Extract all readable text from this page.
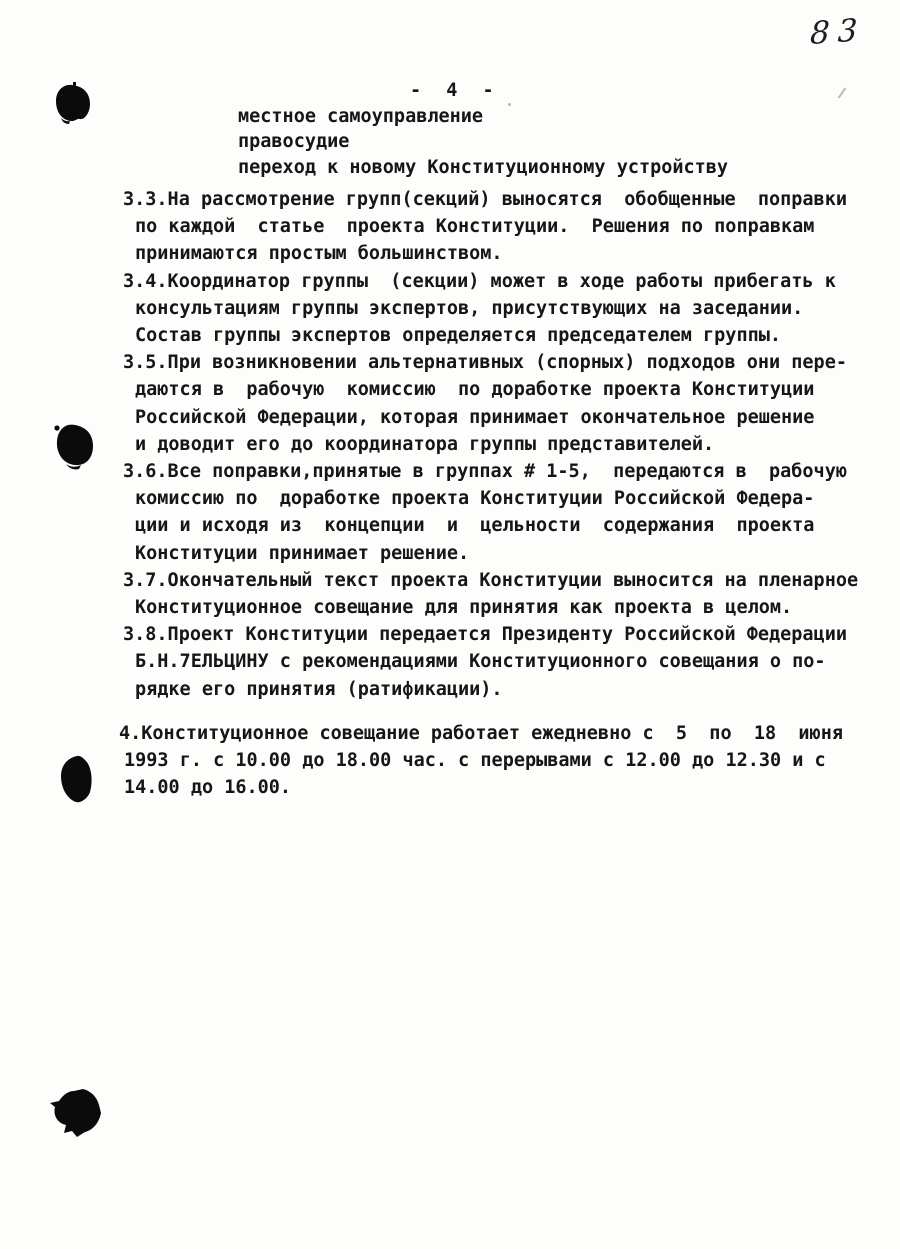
83
- 4 -
местное самоуправление
правосудие
переход к новому Конституционному устройству
3.3.На рассмотрение групп(секций) выносятся  обобщенные  поправки
по каждой  статье  проекта Конституции.  Решения по поправкам
принимаются простым большинством.
3.4.Координатор группы  (секции) может в ходе работы прибегать к
консультациям группы экспертов, присутствующих на заседании.
Состав группы экспертов определяется председателем группы.
3.5.При возникновении альтернативных (спорных) подходов они пере-
даются в  рабочую  комиссию  по доработке проекта Конституции
Российской Федерации, которая принимает окончательное решение
и доводит его до координатора группы представителей.
3.6.Все поправки,принятые в группах # 1-5,  передаются в  рабочую
комиссию по  доработке проекта Конституции Российской Федера-
ции и исходя из  концепции  и  цельности  содержания  проекта
Конституции принимает решение.
3.7.Окончательный текст проекта Конституции выносится на пленарное
Конституционное совещание для принятия как проекта в целом.
3.8.Проект Конституции передается Президенту Российской Федерации
Б.Н.7ЕЛЬЦИНУ с рекомендациями Конституционного совещания о по-
рядке его принятия (ратификации).
4.Конституционное совещание работает ежедневно с  5  по  18  июня
1993 г. с 10.00 до 18.00 час. с перерывами с 12.00 до 12.30 и с
14.00 до 16.00.
